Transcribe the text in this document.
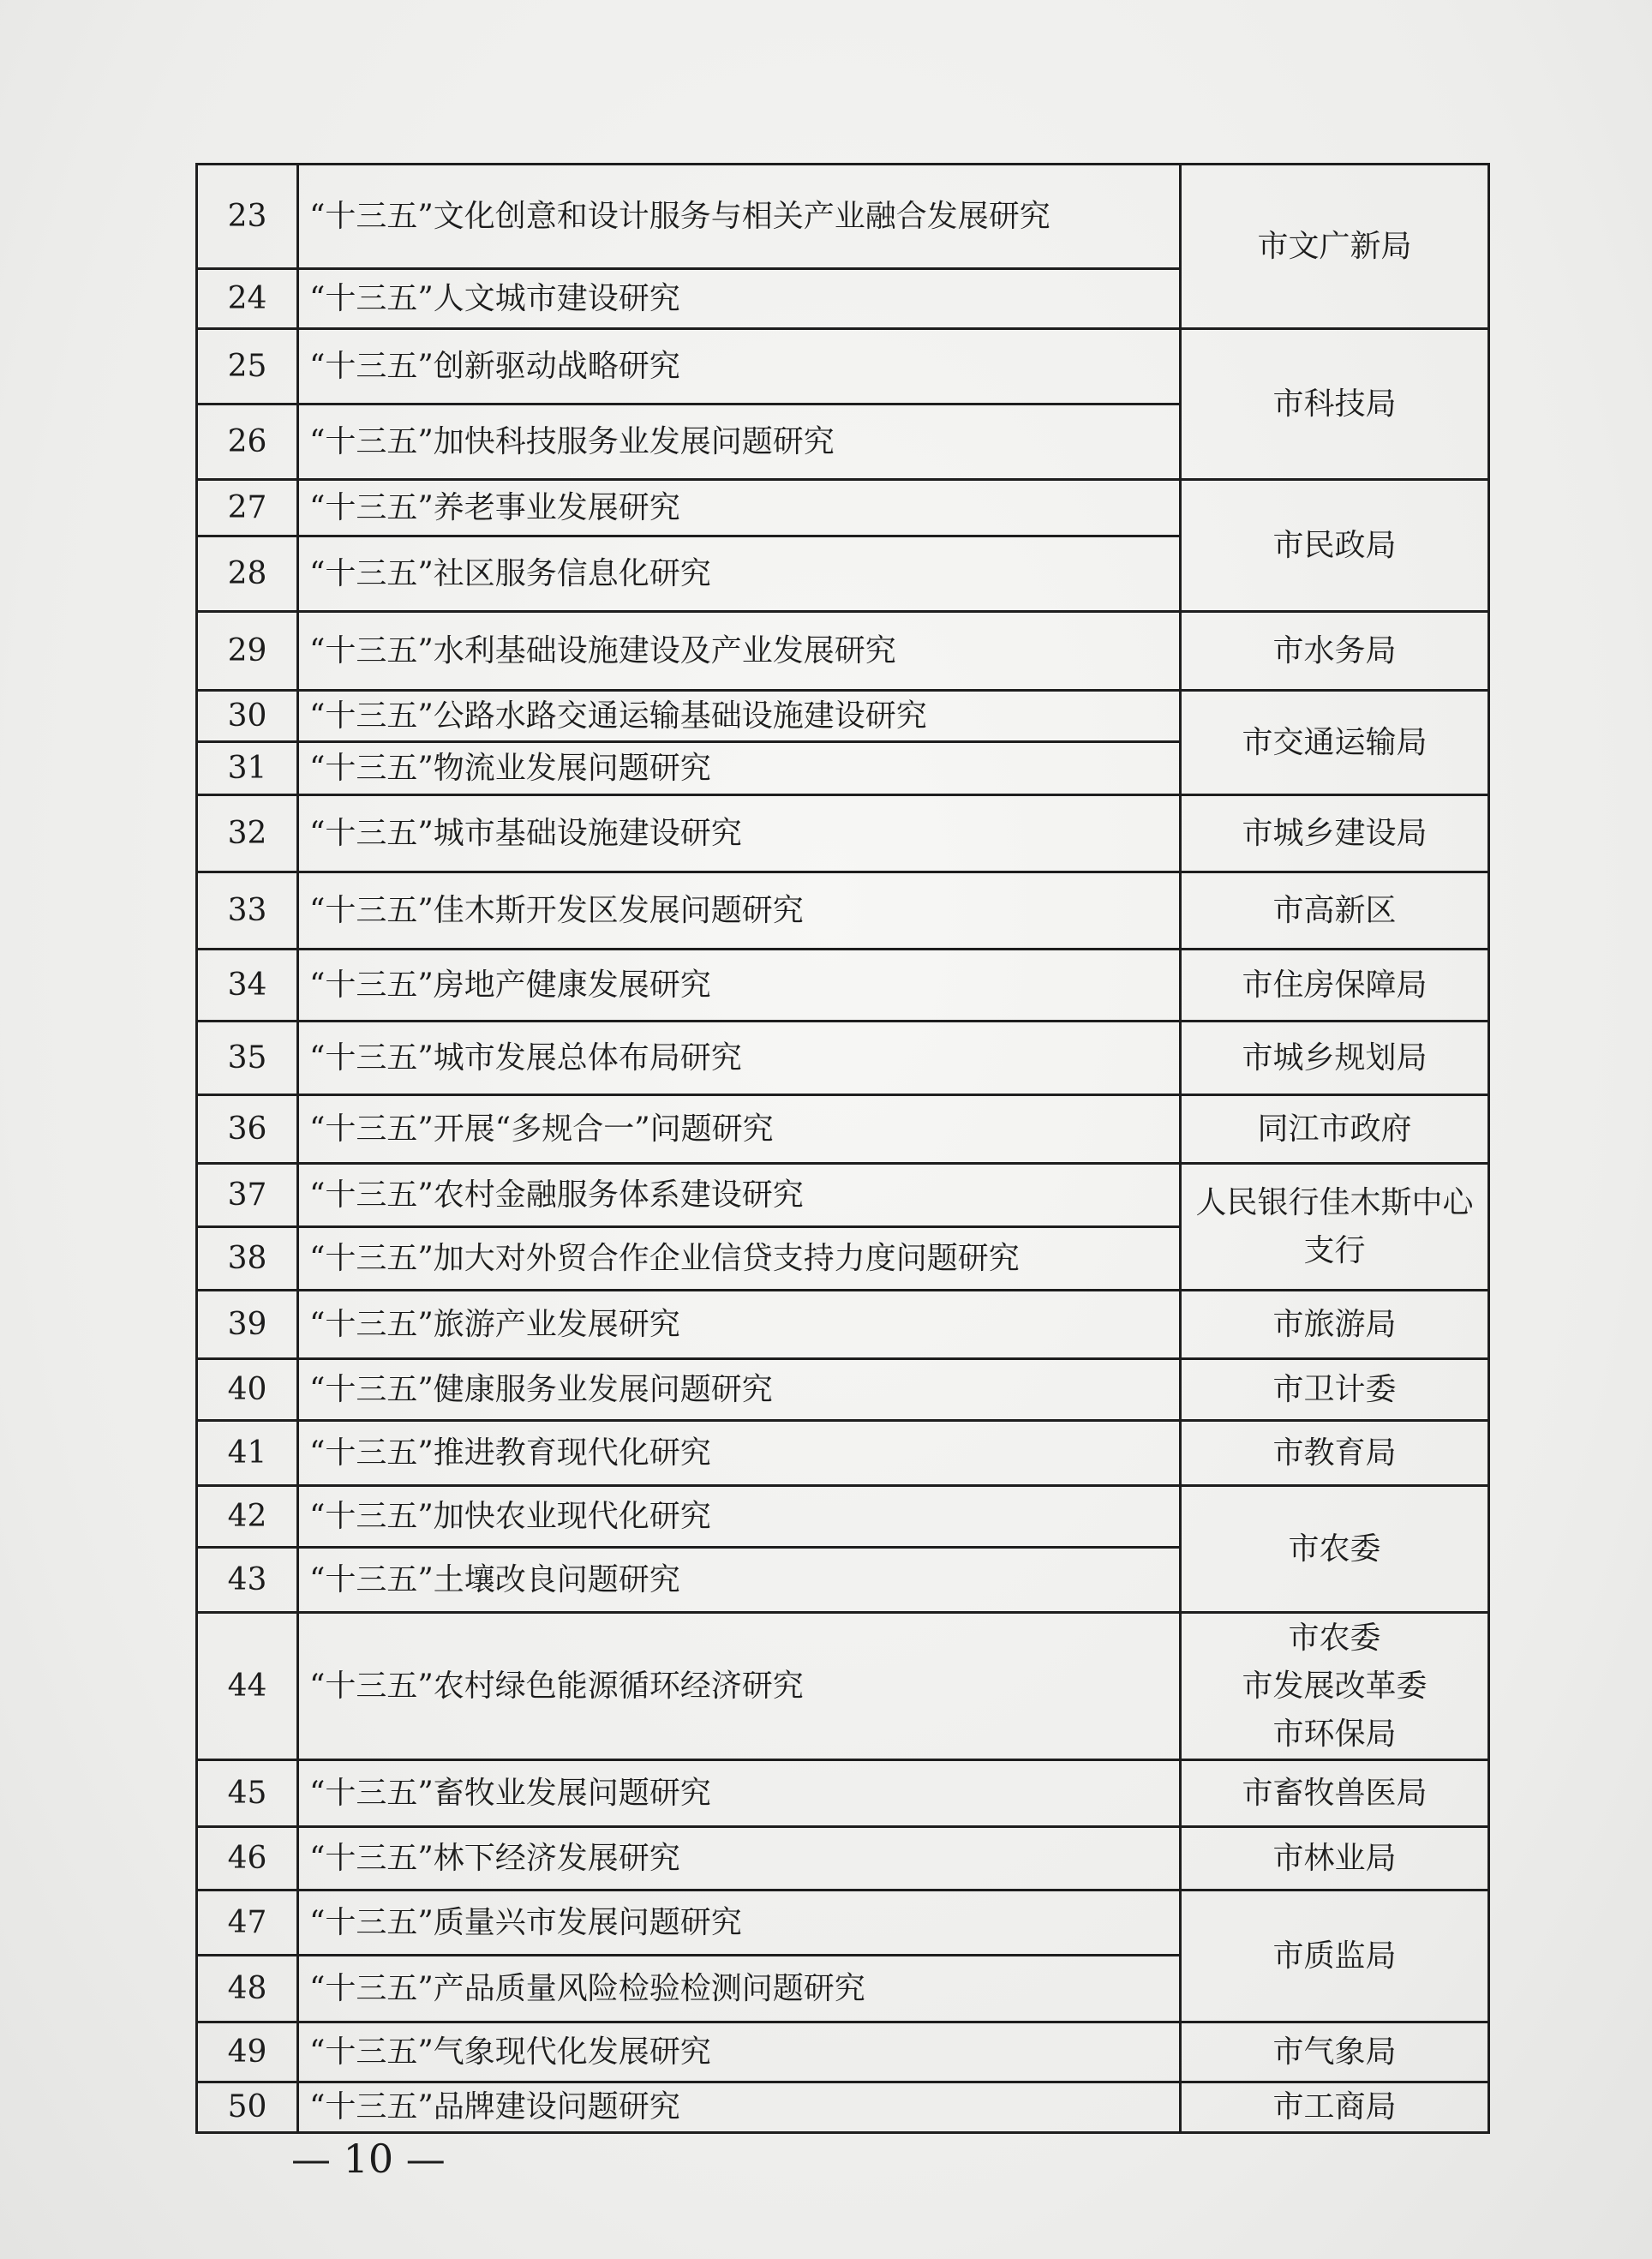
23	“十三五”文化创意和设计服务与相关产业融合发展研究	市文广新局
24	“十三五”人文城市建设研究	
25	“十三五”创新驱动战略研究	市科技局
26	“十三五”加快科技服务业发展问题研究	
27	“十三五”养老事业发展研究	市民政局
28	“十三五”社区服务信息化研究	
29	“十三五”水利基础设施建设及产业发展研究	市水务局
30	“十三五”公路水路交通运输基础设施建设研究	市交通运输局
31	“十三五”物流业发展问题研究	
32	“十三五”城市基础设施建设研究	市城乡建设局
33	“十三五”佳木斯开发区发展问题研究	市高新区
34	“十三五”房地产健康发展研究	市住房保障局
35	“十三五”城市发展总体布局研究	市城乡规划局
36	“十三五”开展“多规合一”问题研究	同江市政府
37	“十三五”农村金融服务体系建设研究	人民银行佳木斯中心支行
38	“十三五”加大对外贸合作企业信贷支持力度问题研究	
39	“十三五”旅游产业发展研究	市旅游局
40	“十三五”健康服务业发展问题研究	市卫计委
41	“十三五”推进教育现代化研究	市教育局
42	“十三五”加快农业现代化研究	市农委
43	“十三五”土壤改良问题研究	
44	“十三五”农村绿色能源循环经济研究	市农委
市发展改革委
市环保局

45	“十三五”畜牧业发展问题研究	市畜牧兽医局
46	“十三五”林下经济发展研究	市林业局
47	“十三五”质量兴市发展问题研究	市质监局
48	“十三五”产品质量风险检验检测问题研究	
49	“十三五”气象现代化发展研究	市气象局
50	“十三五”品牌建设问题研究	市工商局
— 10 —
